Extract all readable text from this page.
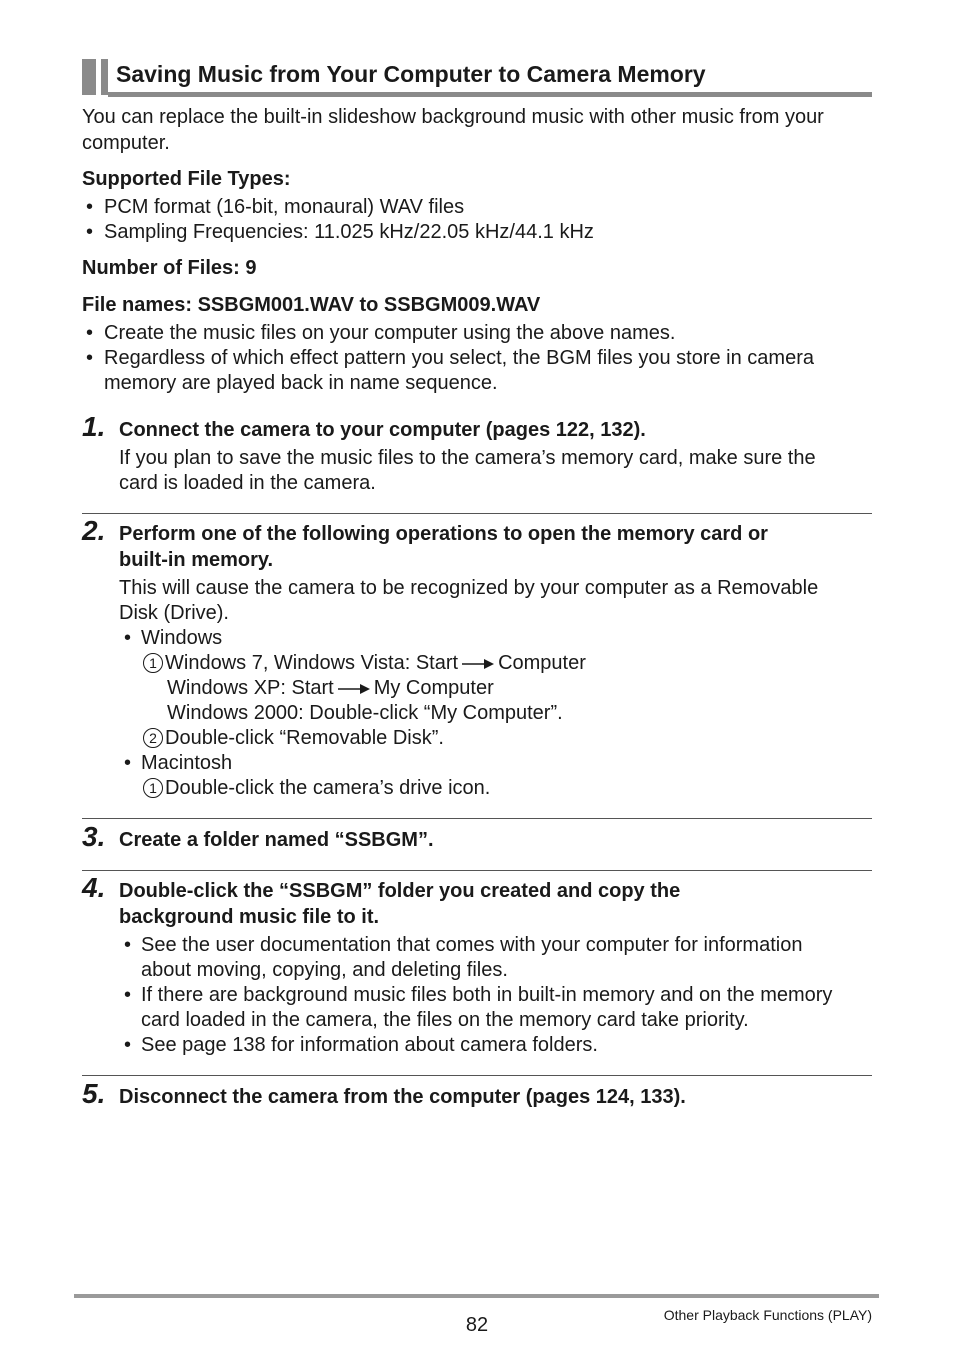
Saving Music from Your Computer to Camera Memory
You can replace the built-in slideshow background music with other music from your
computer.
Supported File Types:
• PCM format (16-bit, monaural) WAV files
• Sampling Frequencies: 11.025 kHz/22.05 kHz/44.1 kHz
Number of Files: 9
File names: SSBGM001.WAV to SSBGM009.WAV
• Create the music files on your computer using the above names.
• Regardless of which effect pattern you select, the BGM files you store in camera
memory are played back in name sequence.
1. Connect the camera to your computer (pages 122, 132).
If you plan to save the music files to the camera’s memory card, make sure the
card is loaded in the camera.
2. Perform one of the following operations to open the memory card or
built-in memory.
This will cause the camera to be recognized by your computer as a Removable
Disk (Drive).
• Windows
1 Windows 7, Windows Vista: Start Computer
Windows XP: Start My Computer
Windows 2000: Double-click “My Computer”.
2 Double-click “Removable Disk”.
• Macintosh
1 Double-click the camera’s drive icon.
3. Create a folder named “SSBGM”.
4. Double-click the “SSBGM” folder you created and copy the
background music file to it.
• See the user documentation that comes with your computer for information
about moving, copying, and deleting files.
• If there are background music files both in built-in memory and on the memory
card loaded in the camera, the files on the memory card take priority.
• See page 138 for information about camera folders.
5. Disconnect the camera from the computer (pages 124, 133).
82	Other Playback Functions (PLAY)
